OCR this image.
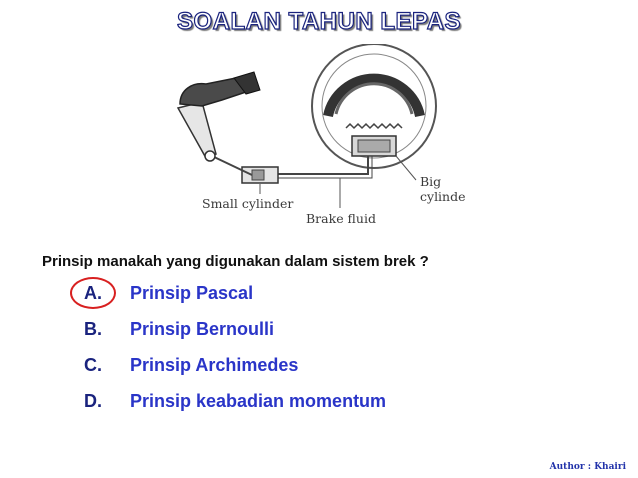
SOALAN TAHUN LEPAS
Small cylinder
Brake fluid
Big
cylinde
Prinsip manakah yang digunakan dalam sistem brek ?
A. Prinsip Pascal
B. Prinsip Bernoulli
C. Prinsip Archimedes
D. Prinsip keabadian momentum
Author : Khairi
